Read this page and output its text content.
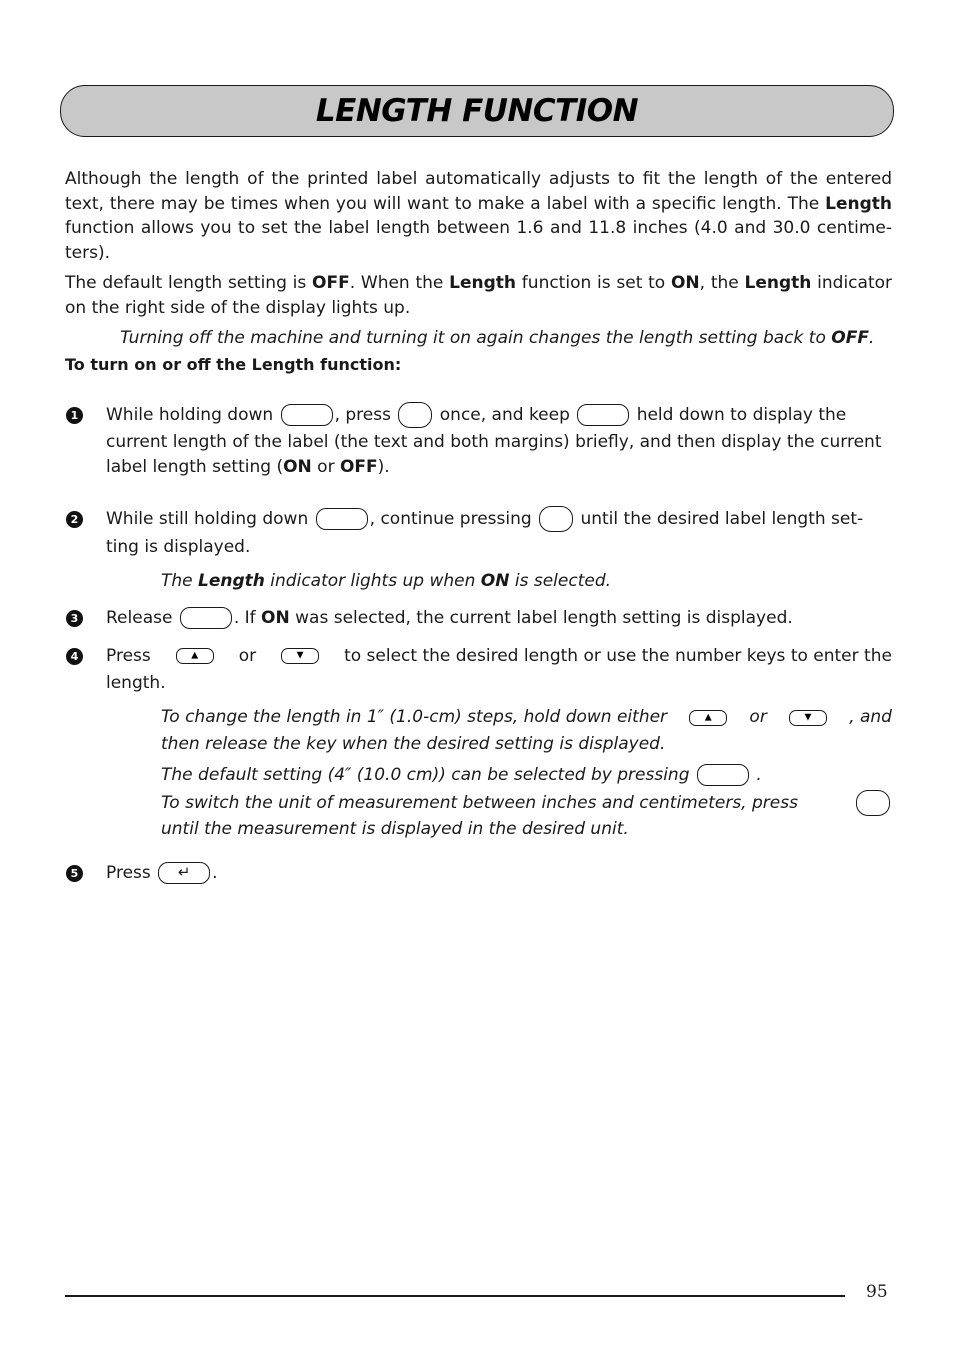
LENGTH FUNCTION

Although the length of the printed label automatically adjusts to fit the length of the entered text, there may be times when you will want to make a label with a specific length. The Length function allows you to set the label length between 1.6 and 11.8 inches (4.0 and 30.0 centime-ters).

The default length setting is OFF. When the Length function is set to ON, the Length indicator on the right side of the display lights up.

Turning off the machine and turning it on again changes the length setting back to OFF.

To turn on or off the Length function:

1 While holding down	, press  once, and keep	held down to display the
current length of the label (the text and both margins) briefly, and then display the current
label length setting (ON or OFF).
2 While still holding down	, continue pressing  until the desired label length set-
ting is displayed.

The Length indicator lights up when ON is selected.

3 Release	. If ON was selected, the current label length setting is displayed.
4 Press	▲ or	▼ to select the desired length or use the number keys to enter the
length.
To change the length in 1″ (1.0-cm) steps, hold down either	▲ or	▼ , and
then release the key when the desired setting is displayed.

The default setting (4″ (10.0 cm)) can be selected by pressing	.

To switch the unit of measurement between inches and centimeters, press
until the measurement is displayed in the desired unit.
5 Press ↵ .
95
